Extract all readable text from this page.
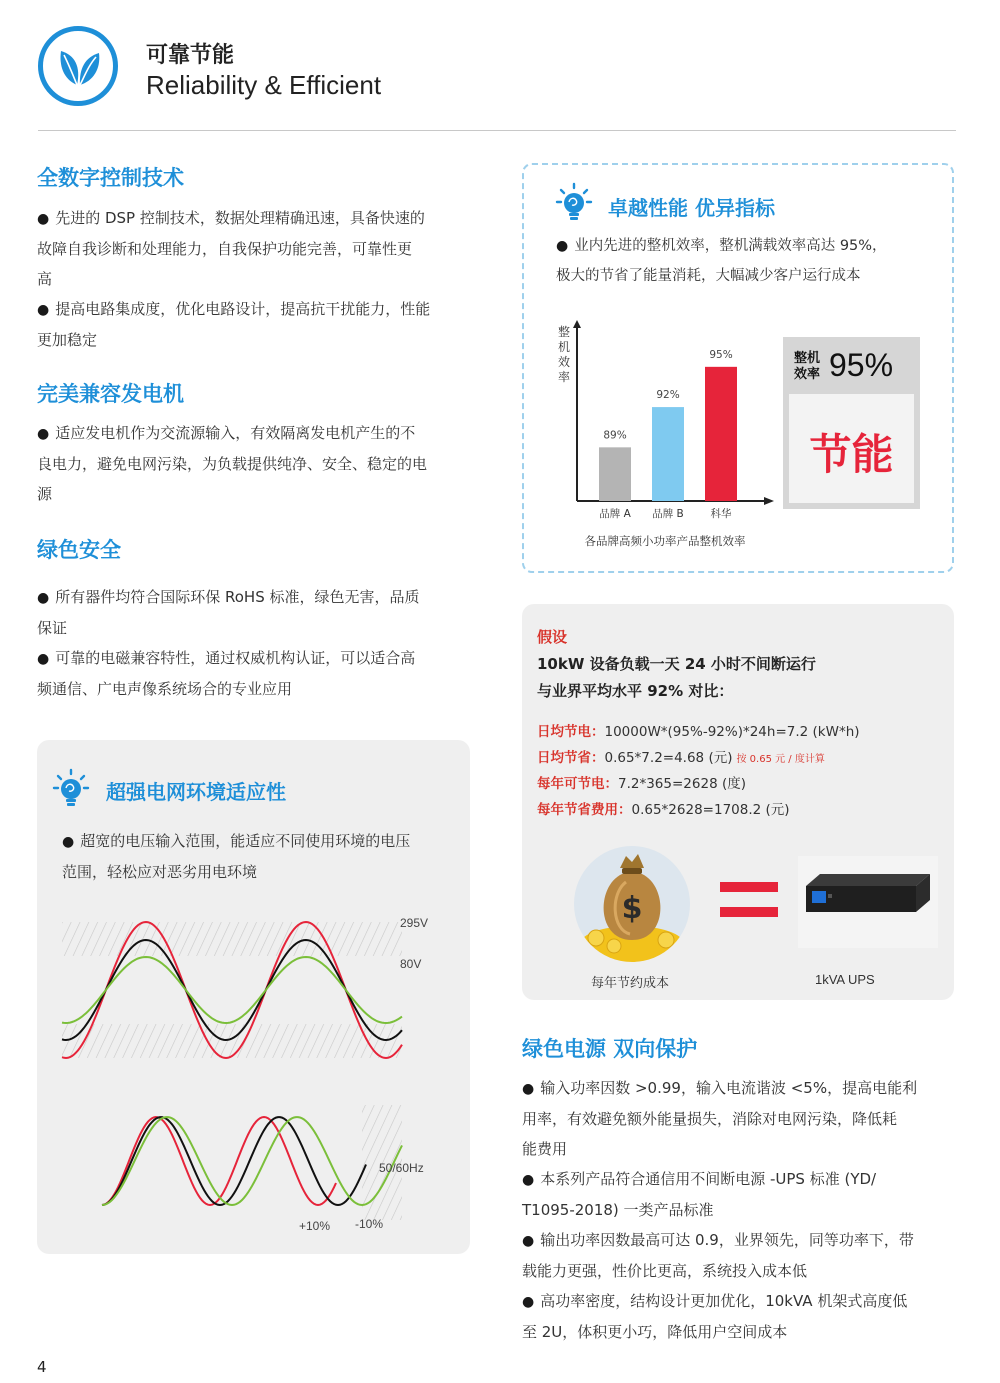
可靠节能
Reliability & Efficient
全数字控制技术
● 先进的 DSP 控制技术，数据处理精确迅速，具备快速的
故障自我诊断和处理能力，自我保护功能完善，可靠性更
高
● 提高电路集成度，优化电路设计，提高抗干扰能力，性能
更加稳定
完美兼容发电机
● 适应发电机作为交流源输入，有效隔离发电机产生的不
良电力，避免电网污染，为负载提供纯净、安全、稳定的电
源
绿色安全
● 所有器件均符合国际环保 RoHS 标准，绿色无害，品质
保证
● 可靠的电磁兼容特性，通过权威机构认证，可以适合高
频通信、广电声像系统场合的专业应用
超强电网环境适应性
● 超宽的电压输入范围，能适应不同使用环境的电压
范围，轻松应对恶劣用电环境
295V
80V
50/60Hz
+10% -10%
卓越性能 优异指标
● 业内先进的整机效率，整机满载效率高达 95%，
极大的节省了能量消耗，大幅减少客户运行成本
整
机
效
率
89%
品牌 A
92%
品牌 B
95%
科华
各品牌高频小功率产品整机效率
整机
效率 95%
节能
假设
10kW 设备负载一天 24 小时不间断运行
与业界平均水平 92% 对比：
日均节电：10000W*(95%-92%)*24h=7.2 (kW*h)
日均节省：0.65*7.2=4.68 (元) 按 0.65 元 / 度计算
每年可节电：7.2*365=2628 (度)
每年节省费用：0.65*2628=1708.2 (元)
$
每年节约成本	1kVA UPS
绿色电源 双向保护
● 输入功率因数 >0.99，输入电流谐波 <5%，提高电能利
用率，有效避免额外能量损失，消除对电网污染，降低耗
能费用
● 本系列产品符合通信用不间断电源 -UPS 标准 (YD/
T1095-2018) 一类产品标准
● 输出功率因数最高可达 0.9，业界领先，同等功率下，带
载能力更强，性价比更高，系统投入成本低
● 高功率密度，结构设计更加优化，10kVA 机架式高度低
至 2U，体积更小巧，降低用户空间成本
4
